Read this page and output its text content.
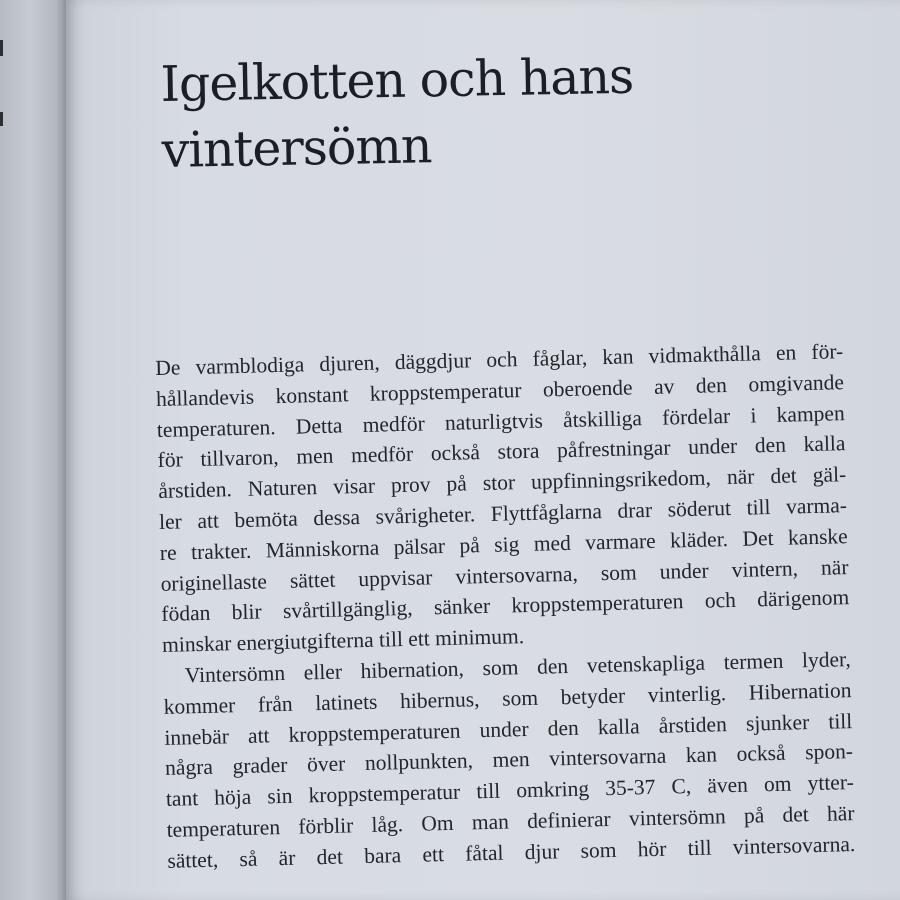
Igelkotten och hans
vintersömn
De varmblodiga djuren, däggdjur och fåglar, kan vidmakthålla en för-
hållandevis konstant kroppstemperatur oberoende av den omgivande
temperaturen. Detta medför naturligtvis åtskilliga fördelar i kampen
för tillvaron, men medför också stora påfrestningar under den kalla
årstiden. Naturen visar prov på stor uppfinningsrikedom, när det gäl-
ler att bemöta dessa svårigheter. Flyttfåglarna drar söderut till varma-
re trakter. Människorna pälsar på sig med varmare kläder. Det kanske
originellaste sättet uppvisar vintersovarna, som under vintern, när
födan blir svårtillgänglig, sänker kroppstemperaturen och därigenom
minskar energiutgifterna till ett minimum.
Vintersömn eller hibernation, som den vetenskapliga termen lyder,
kommer från latinets hibernus, som betyder vinterlig. Hibernation
innebär att kroppstemperaturen under den kalla årstiden sjunker till
några grader över nollpunkten, men vintersovarna kan också spon-
tant höja sin kroppstemperatur till omkring 35-37 C, även om ytter-
temperaturen förblir låg. Om man definierar vintersömn på det här
sättet, så är det bara ett fåtal djur som hör till vintersovarna.
